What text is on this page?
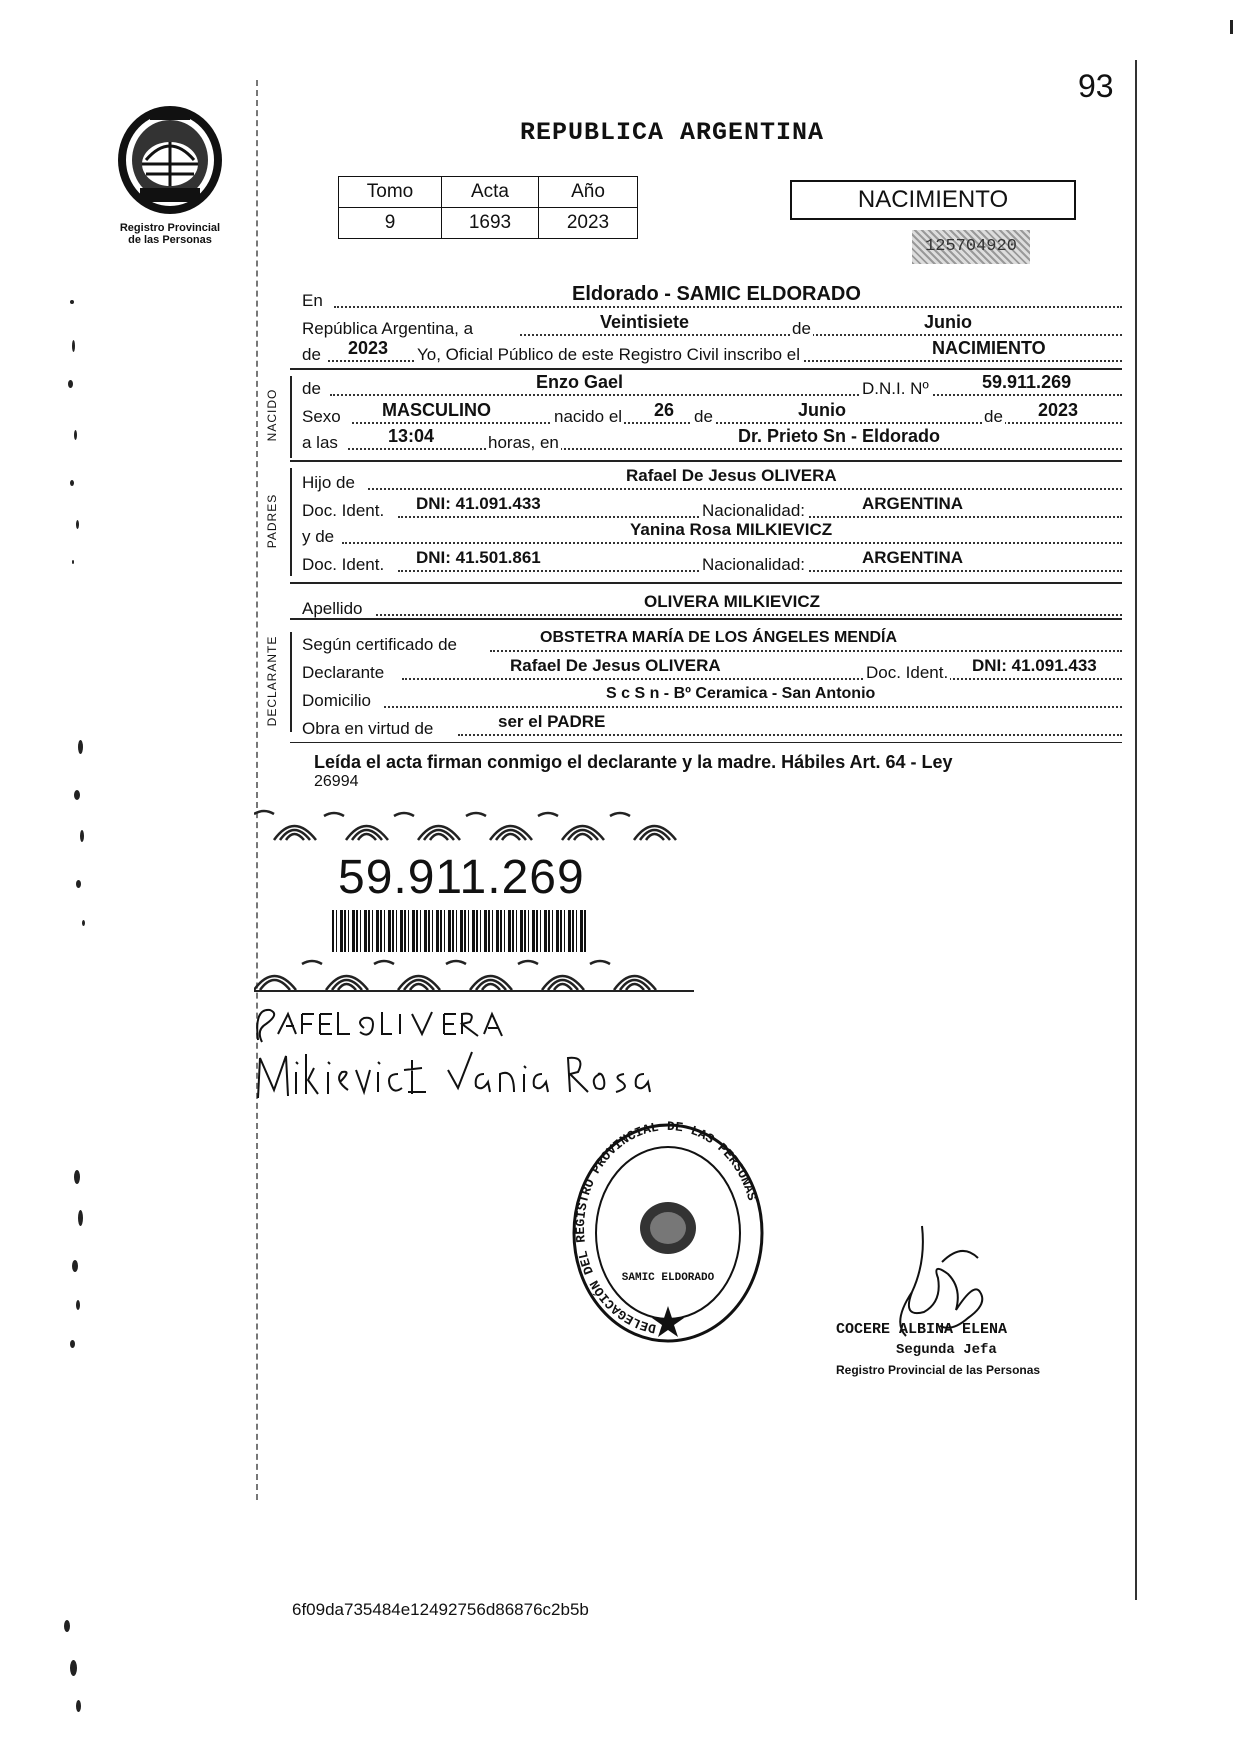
93
Registro Provincial
de las Personas
REPUBLICA ARGENTINA
Tomo	Acta	Año
9	1693	2023
NACIMIENTO
125704920
En	Eldorado - SAMIC ELDORADO
República Argentina, a	Veintisiete	de	Junio
de 2023 Yo, Oficial Público de este Registro Civil inscribo el	NACIMIENTO
NACIDO
de	Enzo Gael	D.N.I. Nº	59.911.269
Sexo MASCULINO	nacido el 26 de	Junio	de 2023
a las	13:04	horas, en	Dr. Prieto Sn - Eldorado
PADRES
Hijo de	Rafael De Jesus OLIVERA
Doc. Ident. DNI: 41.091.433	Nacionalidad:	ARGENTINA
y de	Yanina Rosa MILKIEVICZ
Doc. Ident. DNI: 41.501.861	Nacionalidad:	ARGENTINA
Apellido	OLIVERA MILKIEVICZ
DECLARANTE Según certificado de	OBSTETRA MARÍA DE LOS ÁNGELES MENDÍA
Declarante	Rafael De Jesus OLIVERA	Doc. Ident. DNI: 41.091.433
Domicilio	S c S n - Bº Ceramica - San Antonio
Obra en virtud de	ser el PADRE
Leída el acta firman conmigo el declarante y la madre. Hábiles Art. 64 - Ley
26994
59.911.269
DELEGACIÓN DEL REGISTRO PROVINCIAL DE LAS PERSONAS
SAMIC ELDORADO
COCERE ALBINA ELENA
Segunda Jefa
Registro Provincial de las Personas
6f09da735484e12492756d86876c2b5b
